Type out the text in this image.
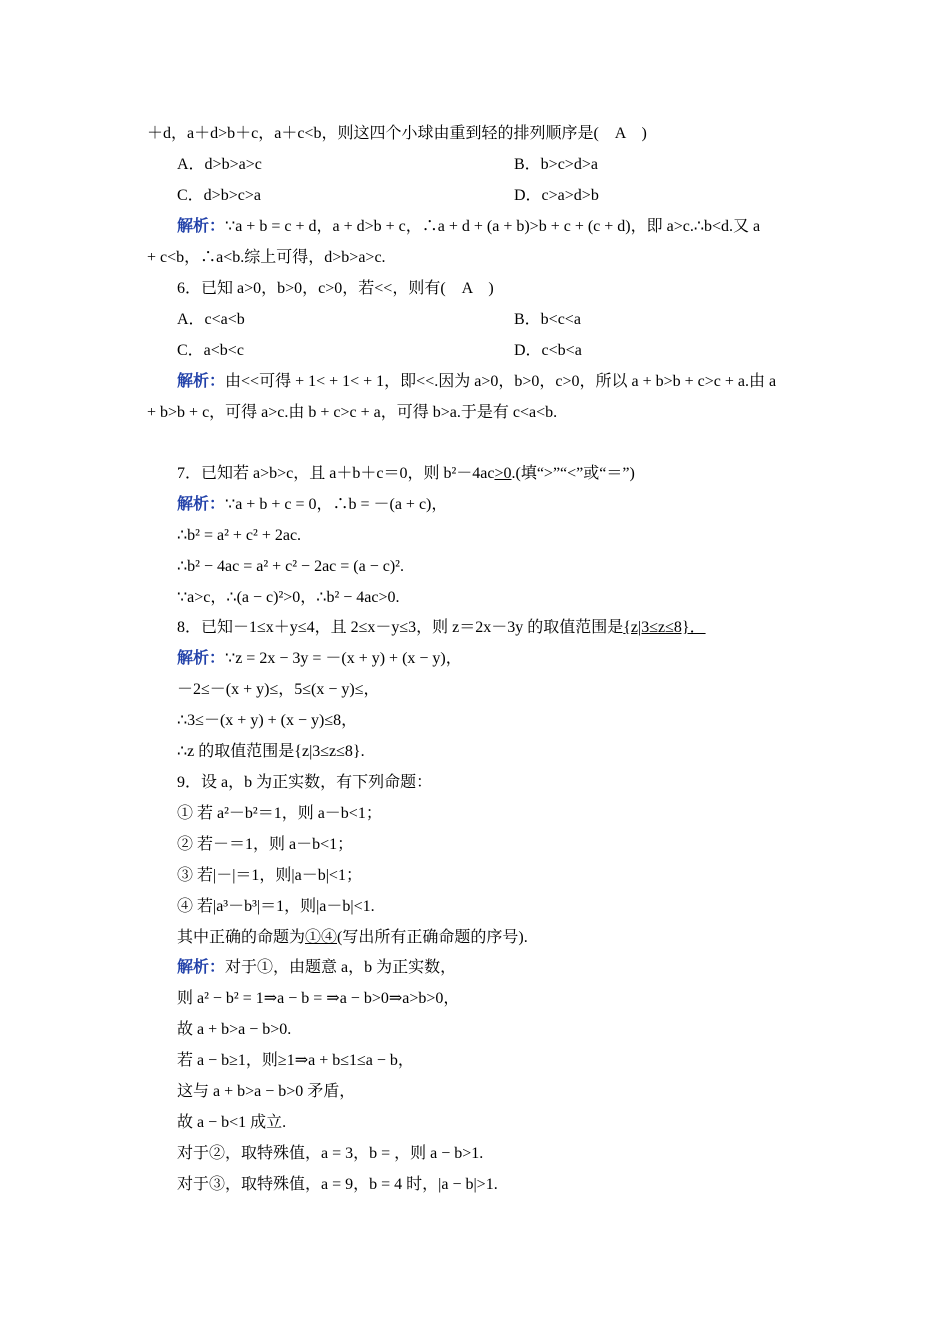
＋d，a＋d>b＋c，a＋c<b，则这四个小球由重到轻的排列顺序是(　A　)
A．d>b>a>c	B．b>c>d>a
C．d>b>c>a	D．c>a>d>b
解析：∵a + b = c + d，a + d>b + c，∴a + d + (a + b)>b + c + (c + d)，即 a>c.∴b<d.又 a
+ c<b，∴a<b.综上可得，d>b>a>c.
6．已知 a>0，b>0，c>0，若<<，则有(　A　)
A．c<a<b	B．b<c<a
C．a<b<c	D．c<b<a
解析：由<<可得 + 1< + 1< + 1，即<<.因为 a>0，b>0，c>0，所以 a + b>b + c>c + a.由 a
+ b>b + c，可得 a>c.由 b + c>c + a，可得 b>a.于是有 c<a<b.
7．已知若 a>b>c，且 a＋b＋c＝0，则 b²－4ac>0.(填“>”“<”或“＝”)
解析：∵a + b + c = 0，∴b = －(a + c)，
∴b² = a² + c² + 2ac.
∴b² − 4ac = a² + c² − 2ac = (a − c)².
∵a>c，∴(a − c)²>0，∴b² − 4ac>0.
8．已知－1≤x＋y≤4，且 2≤x－y≤3，则 z＝2x－3y 的取值范围是{z|3≤z≤8}．
解析：∵z = 2x − 3y = －(x + y) + (x − y)，
－2≤－(x + y)≤，5≤(x − y)≤，
∴3≤－(x + y) + (x − y)≤8，
∴z 的取值范围是{z|3≤z≤8}.
9．设 a，b 为正实数，有下列命题：
① 若 a²－b²＝1，则 a－b<1；
② 若－＝1，则 a－b<1；
③ 若|－|＝1，则|a－b|<1；
④ 若|a³－b³|＝1，则|a－b|<1.
其中正确的命题为①④(写出所有正确命题的序号).
解析：对于①，由题意 a，b 为正实数，
则 a² − b² = 1⇒a − b = ⇒a − b>0⇒a>b>0，
故 a + b>a − b>0.
若 a − b≥1，则≥1⇒a + b≤1≤a − b，
这与 a + b>a − b>0 矛盾，
故 a − b<1 成立.
对于②，取特殊值，a = 3，b = ，则 a − b>1.
对于③，取特殊值，a = 9，b = 4 时，|a − b|>1.
